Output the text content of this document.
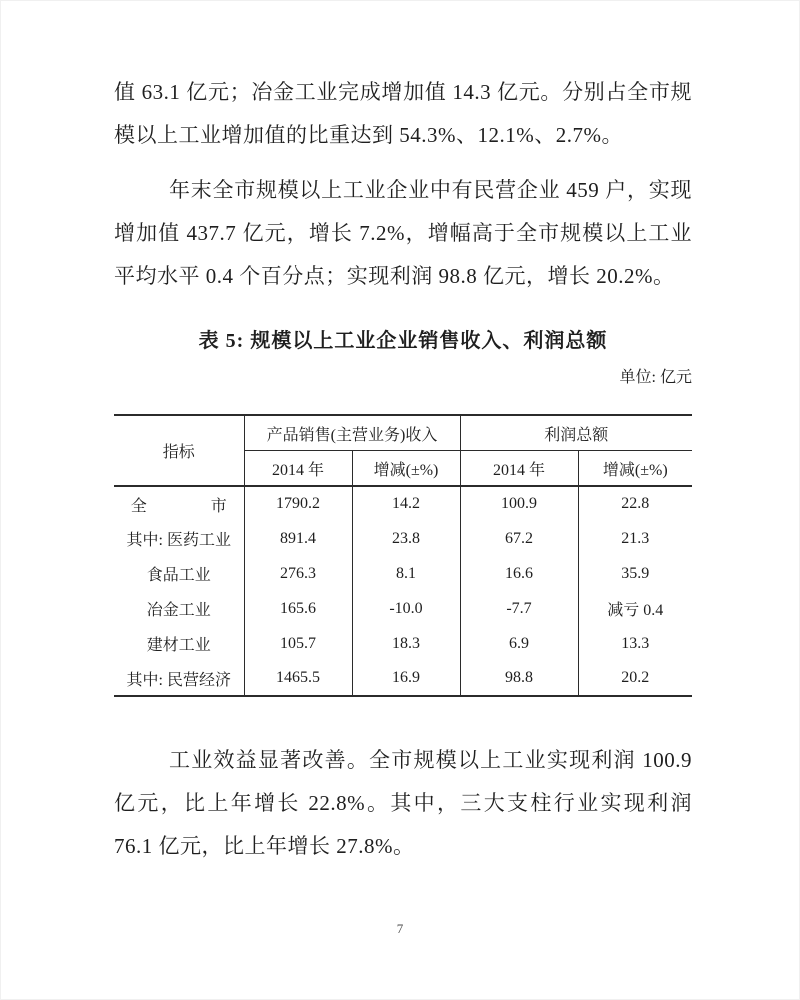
值 63.1 亿元；冶金工业完成增加值 14.3 亿元。分别占全市规模以上工业增加值的比重达到 54.3%、12.1%、2.7%。

年末全市规模以上工业企业中有民营企业 459 户，实现增加值 437.7 亿元，增长 7.2%，增幅高于全市规模以上工业平均水平 0.4 个百分点；实现利润 98.8 亿元，增长 20.2%。

表 5: 规模以上工业企业销售收入、利润总额
单位: 亿元
指标	产品销售(主营业务)收入		利润总额	
	2014 年	增减(±%)	2014 年	增减(±%)
全　　　　市	1790.2	14.2	100.9	22.8
其中: 医药工业	891.4	23.8	67.2	21.3
食品工业	276.3	8.1	16.6	35.9
冶金工业	165.6	-10.0	-7.7	减亏 0.4
建材工业	105.7	18.3	6.9	13.3
其中: 民营经济	1465.5	16.9	98.8	20.2

工业效益显著改善。全市规模以上工业实现利润 100.9 亿元，比上年增长 22.8%。其中，三大支柱行业实现利润 76.1 亿元，比上年增长 27.8%。

7
